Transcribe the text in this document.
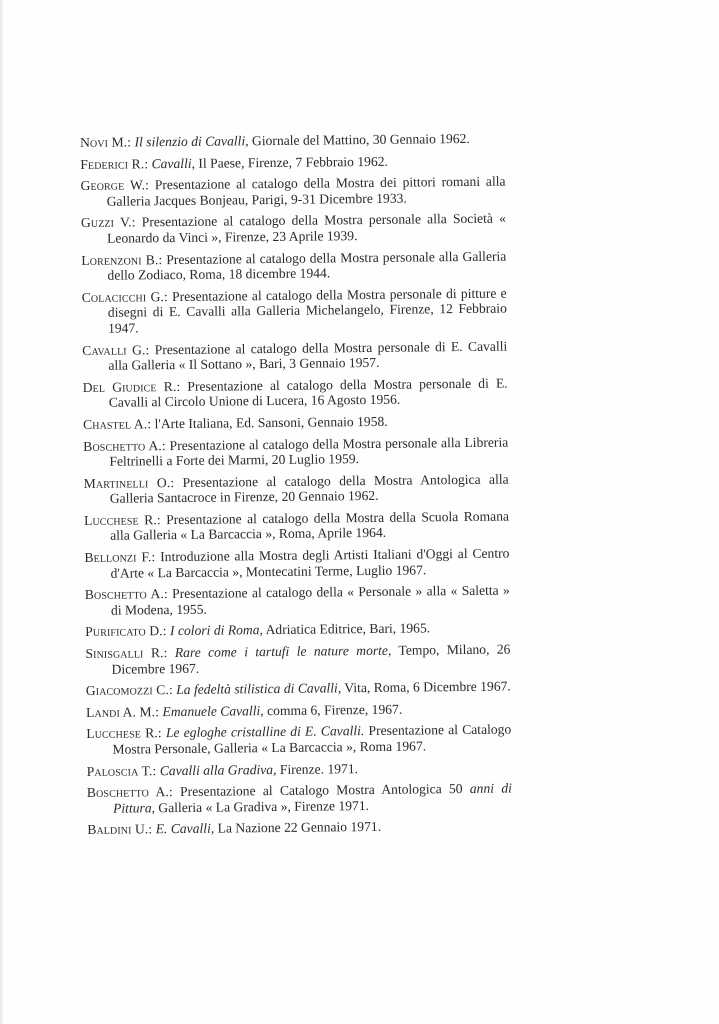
Novi M.: Il silenzio di Cavalli, Giornale del Mattino, 30 Gennaio 1962.
Federici R.: Cavalli, Il Paese, Firenze, 7 Febbraio 1962.
George W.: Presentazione al catalogo della Mostra dei pittori romani alla Galleria Jacques Bonjeau, Parigi, 9-31 Dicembre 1933.
Guzzi V.: Presentazione al catalogo della Mostra personale alla Società « Leonardo da Vinci », Firenze, 23 Aprile 1939.
Lorenzoni B.: Presentazione al catalogo della Mostra personale alla Galleria dello Zodiaco, Roma, 18 dicembre 1944.
Colacicchi G.: Presentazione al catalogo della Mostra personale di pitture e disegni di E. Cavalli alla Galleria Michelangelo, Firenze, 12 Febbraio 1947.
Cavalli G.: Presentazione al catalogo della Mostra personale di E. Cavalli alla Galleria « Il Sottano », Bari, 3 Gennaio 1957.
Del Giudice R.: Presentazione al catalogo della Mostra personale di E. Cavalli al Circolo Unione di Lucera, 16 Agosto 1956.
Chastel A.: l'Arte Italiana, Ed. Sansoni, Gennaio 1958.
Boschetto A.: Presentazione al catalogo della Mostra personale alla Libreria Feltrinelli a Forte dei Marmi, 20 Luglio 1959.
Martinelli O.: Presentazione al catalogo della Mostra Antologica alla Galleria Santacroce in Firenze, 20 Gennaio 1962.
Lucchese R.: Presentazione al catalogo della Mostra della Scuola Romana alla Galleria « La Barcaccia », Roma, Aprile 1964.
Bellonzi F.: Introduzione alla Mostra degli Artisti Italiani d'Oggi al Centro d'Arte « La Barcaccia », Montecatini Terme, Luglio 1967.
Boschetto A.: Presentazione al catalogo della « Personale » alla « Saletta » di Modena, 1955.
Purificato D.: I colori di Roma, Adriatica Editrice, Bari, 1965.
Sinisgalli R.: Rare come i tartufi le nature morte, Tempo, Milano, 26 Dicembre 1967.
Giacomozzi C.: La fedeltà stilistica di Cavalli, Vita, Roma, 6 Dicembre 1967.
Landi A. M.: Emanuele Cavalli, comma 6, Firenze, 1967.
Lucchese R.: Le egloghe cristalline di E. Cavalli. Presentazione al Catalogo Mostra Personale, Galleria « La Barcaccia », Roma 1967.
Paloscia T.: Cavalli alla Gradiva, Firenze. 1971.
Boschetto A.: Presentazione al Catalogo Mostra Antologica 50 anni di Pittura, Galleria « La Gradiva », Firenze 1971.
Baldini U.: E. Cavalli, La Nazione 22 Gennaio 1971.
